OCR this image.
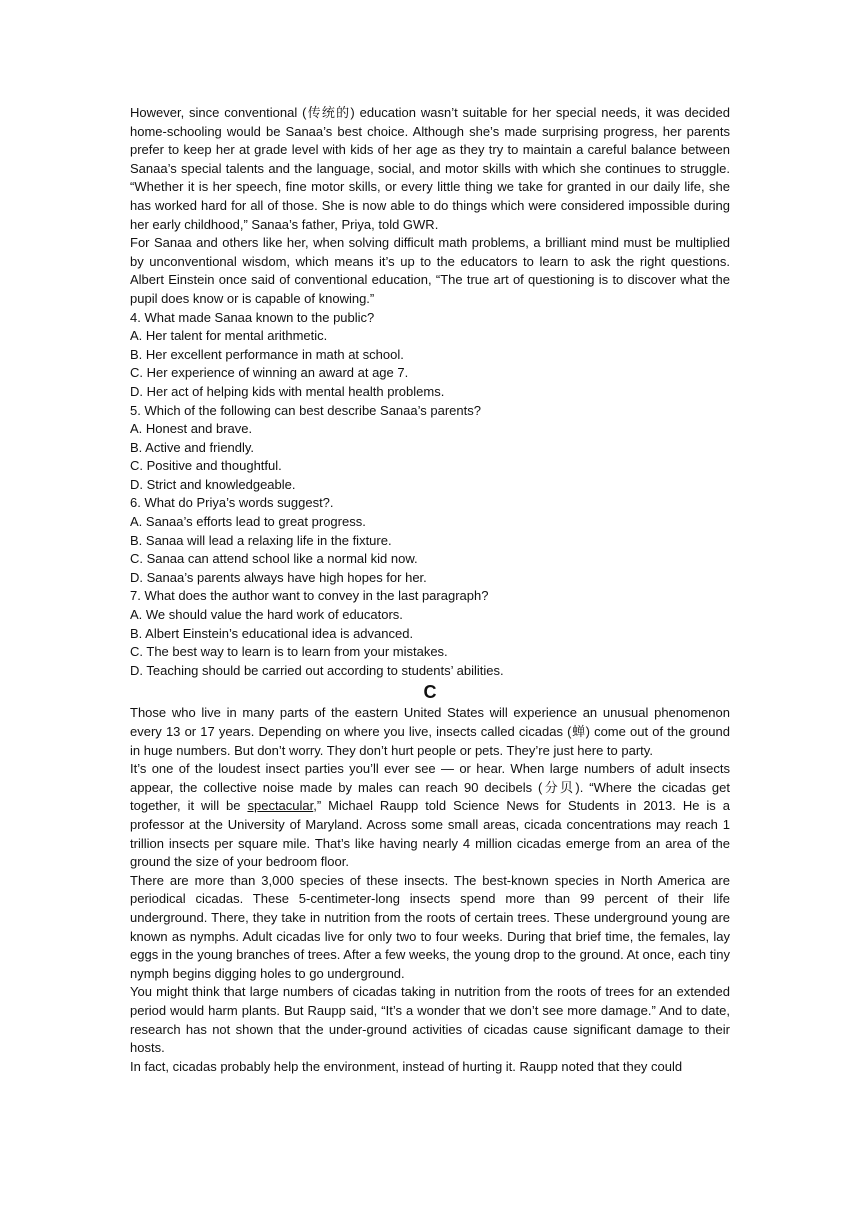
However, since conventional (传统的) education wasn’t suitable for her special needs, it was decided home-schooling would be Sanaa’s best choice. Although she’s made surprising progress, her parents prefer to keep her at grade level with kids of her age as they try to maintain a careful balance between Sanaa’s special talents and the language, social, and motor skills with which she continues to struggle. “Whether it is her speech, fine motor skills, or every little thing we take for granted in our daily life, she has worked hard for all of those. She is now able to do things which were considered impossible during her early childhood,” Sanaa’s father, Priya, told GWR.

For Sanaa and others like her, when solving difficult math problems, a brilliant mind must be multiplied by unconventional wisdom, which means it’s up to the educators to learn to ask the right questions. Albert Einstein once said of conventional education, “The true art of questioning is to discover what the pupil does know or is capable of knowing.”

4. What made Sanaa known to the public?

A. Her talent for mental arithmetic.

B. Her excellent performance in math at school.

C. Her experience of winning an award at age 7.

D. Her act of helping kids with mental health problems.

5. Which of the following can best describe Sanaa’s parents?

A. Honest and brave.

B. Active and friendly.

C. Positive and thoughtful.

D. Strict and knowledgeable.

6. What do Priya’s words suggest?.

A. Sanaa’s efforts lead to great progress.

B. Sanaa will lead a relaxing life in the fixture.

C. Sanaa can attend school like a normal kid now.

D. Sanaa’s parents always have high hopes for her.

7. What does the author want to convey in the last paragraph?

A. We should value the hard work of educators.

B. Albert Einstein’s educational idea is advanced.

C. The best way to learn is to learn from your mistakes.

D. Teaching should be carried out according to students’ abilities.

C

Those who live in many parts of the eastern United States will experience an unusual phenomenon every 13 or 17 years. Depending on where you live, insects called cicadas (蝉) come out of the ground in huge numbers. But don’t worry. They don’t hurt people or pets. They’re just here to party.

It’s one of the loudest insect parties you’ll ever see — or hear. When large numbers of adult insects appear, the collective noise made by males can reach 90 decibels (分贝). “Where the cicadas get together, it will be spectacular,” Michael Raupp told Science News for Students in 2013. He is a professor at the University of Maryland. Across some small areas, cicada concentrations may reach 1 trillion insects per square mile. That’s like having nearly 4 million cicadas emerge from an area of the ground the size of your bedroom floor.

There are more than 3,000 species of these insects. The best-known species in North America are periodical cicadas. These 5-centimeter-long insects spend more than 99 percent of their life underground. There, they take in nutrition from the roots of certain trees. These underground young are known as nymphs. Adult cicadas live for only two to four weeks. During that brief time, the females, lay eggs in the young branches of trees. After a few weeks, the young drop to the ground. At once, each tiny nymph begins digging holes to go underground.

You might think that large numbers of cicadas taking in nutrition from the roots of trees for an extended period would harm plants. But Raupp said, “It’s a wonder that we don’t see more damage.” And to date, research has not shown that the under-ground activities of cicadas cause significant damage to their hosts.

In fact, cicadas probably help the environment, instead of hurting it. Raupp noted that they could
